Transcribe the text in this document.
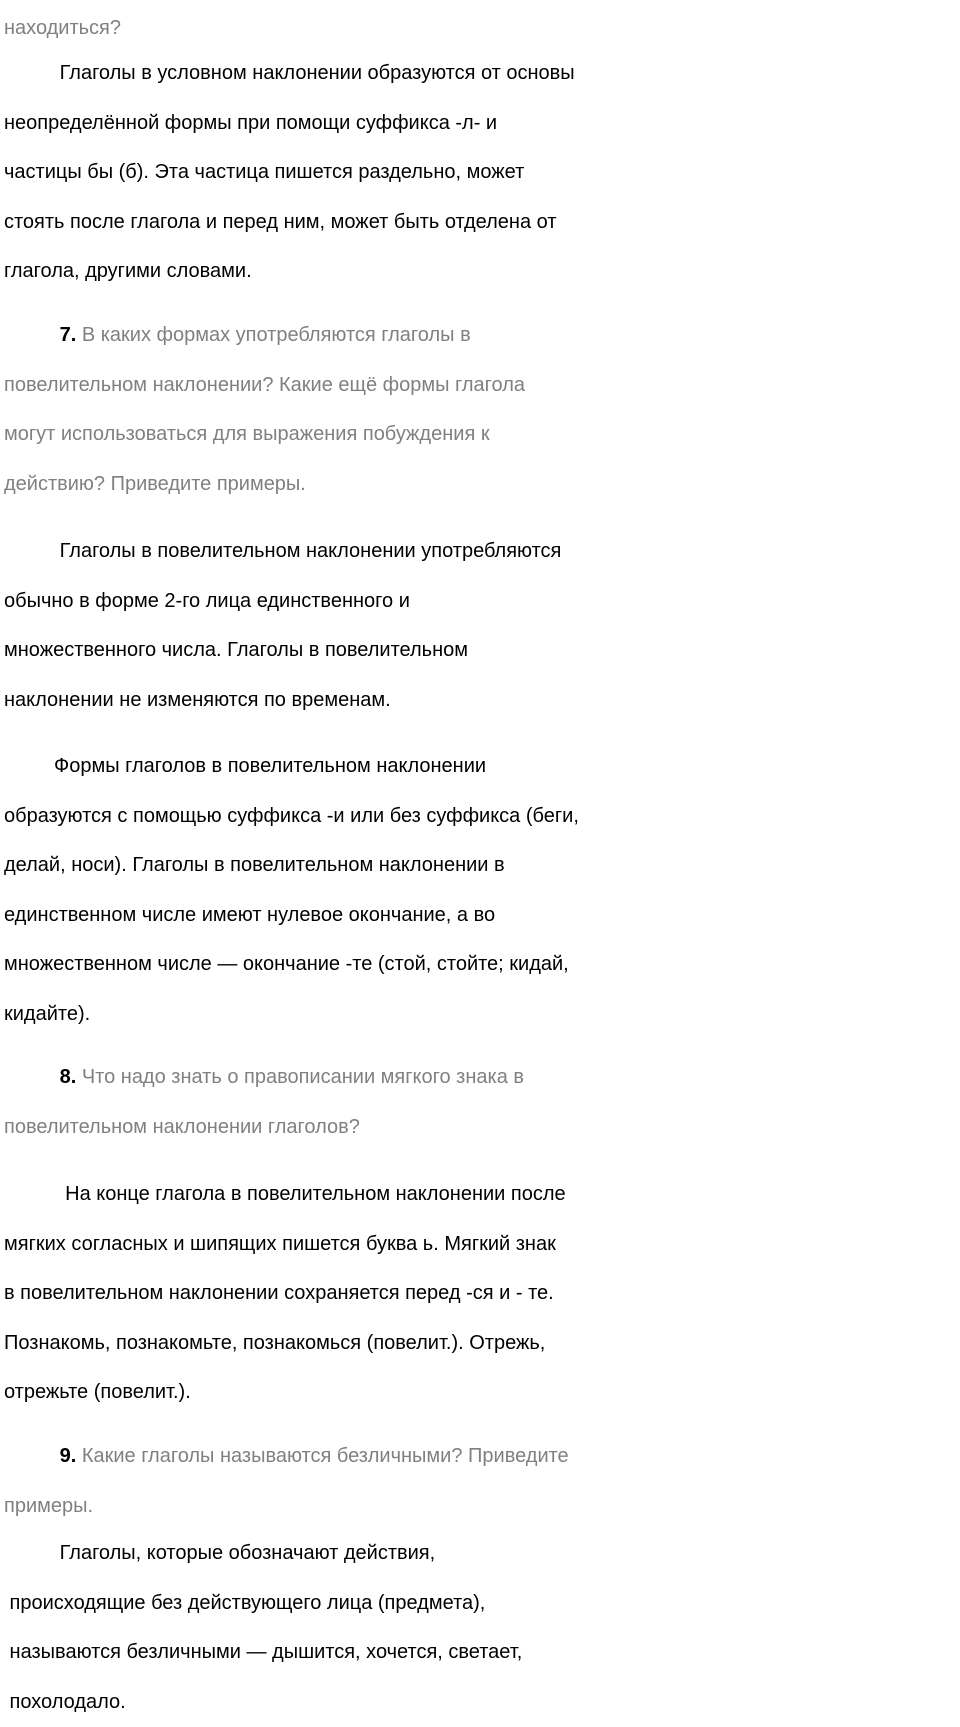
находиться?

Глаголы в условном наклонении образуются от основы
неопределённой формы при помощи суффикса -л- и
частицы бы (б). Эта частица пишется раздельно, может
стоять после глагола и перед ним, может быть отделена от
глагола, другими словами.

7. В каких формах употребляются глаголы в
повелительном наклонении? Какие ещё формы глагола
могут использоваться для выражения побуждения к
действию? Приведите примеры.

Глаголы в повелительном наклонении употребляются
обычно в форме 2-го лица единственного и
множественного числа. Глаголы в повелительном
наклонении не изменяются по временам.

Формы глаголов в повелительном наклонении
образуются с помощью суффикса -и или без суффикса (беги,
делай, носи). Глаголы в повелительном наклонении в
единственном числе имеют нулевое окончание, а во
множественном числе — окончание -те (стой, стойте; кидай,
кидайте).

8. Что надо знать о правописании мягкого знака в
повелительном наклонении глаголов?

На конце глагола в повелительном наклонении после
мягких согласных и шипящих пишется буква ь. Мягкий знак
в повелительном наклонении сохраняется перед -ся и - те.
Познакомь, познакомьте, познакомься (повелит.). Отрежь,
отрежьте (повелит.).

9. Какие глаголы называются безличными? Приведите
примеры.

Глаголы, которые обозначают действия,
происходящие без действующего лица (предмета),
называются безличными — дышится, хочется, светает,
похолодало.
